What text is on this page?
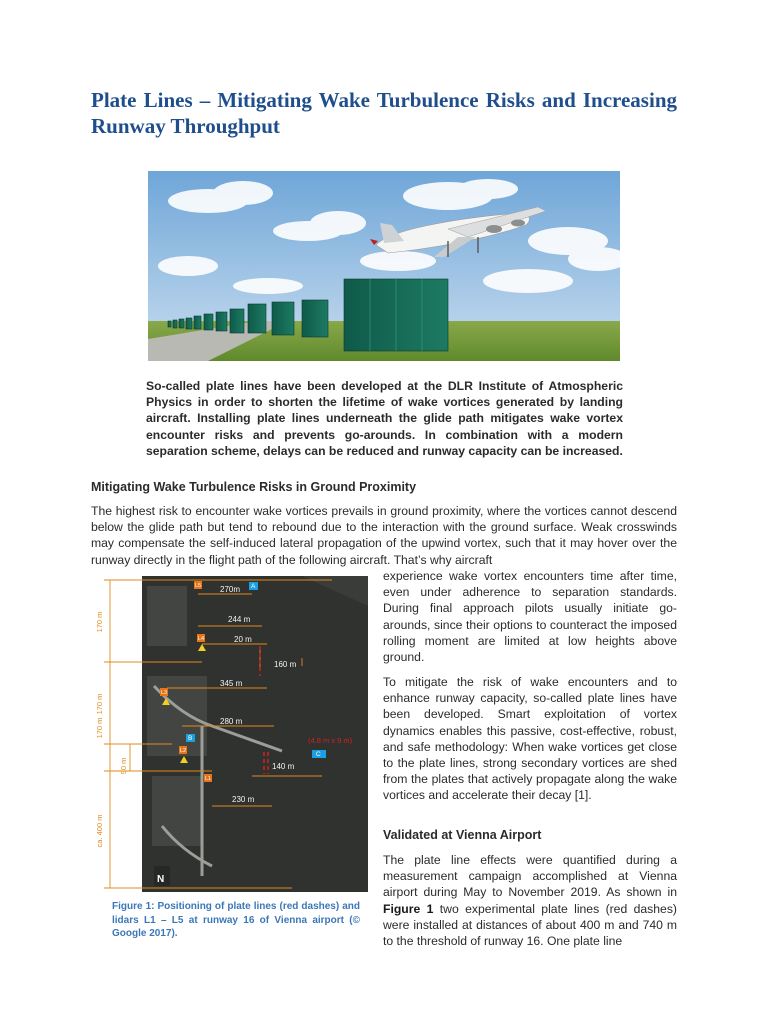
Plate Lines – Mitigating Wake Turbulence Risks and Increasing Runway Throughput

So-called plate lines have been developed at the DLR Institute of Atmospheric Physics in order to shorten the lifetime of wake vortices generated by landing aircraft. Installing plate lines underneath the glide path mitigates wake vortex encounter risks and prevents go-arounds. In combination with a modern separation scheme, delays can be reduced and runway capacity can be increased.

Mitigating Wake Turbulence Risks in Ground Proximity

The highest risk to encounter wake vortices prevails in ground proximity, where the vortices cannot descend below the glide path but tend to rebound due to the interaction with the ground surface. Weak crosswinds may compensate the self-induced lateral propagation of the upwind vortex, such that it may hover over the runway directly in the flight path of the following aircraft. That’s why aircraft

170 m
170 m
170 m
90 m
ca. 400 m
270m
244 m
20 m
160 m
345 m
280 m
140 m
230 m
(4.8 m x 9 m)
L5
L4
L3
L2
L1
A
B
C
N

Figure 1: Positioning of plate lines (red dashes) and lidars L1 – L5 at runway 16 of Vienna airport (© Google 2017).

experience wake vortex encounters time after time, even under adherence to separation standards. During final approach pilots usually initiate go-arounds, since their options to counteract the imposed rolling moment are limited at low heights above ground.

To mitigate the risk of wake encounters and to enhance runway capacity, so-called plate lines have been developed. Smart exploitation of vortex dynamics enables this passive, cost-effective, robust, and safe methodology: When wake vortices get close to the plate lines, strong secondary vortices are shed from the plates that actively propagate along the wake vortices and accelerate their decay [1].

Validated at Vienna Airport

The plate line effects were quantified during a measurement campaign accomplished at Vienna airport during May to November 2019. As shown in Figure 1 two experimental plate lines (red dashes) were installed at distances of about 400 m and 740 m to the threshold of runway 16. One plate line
